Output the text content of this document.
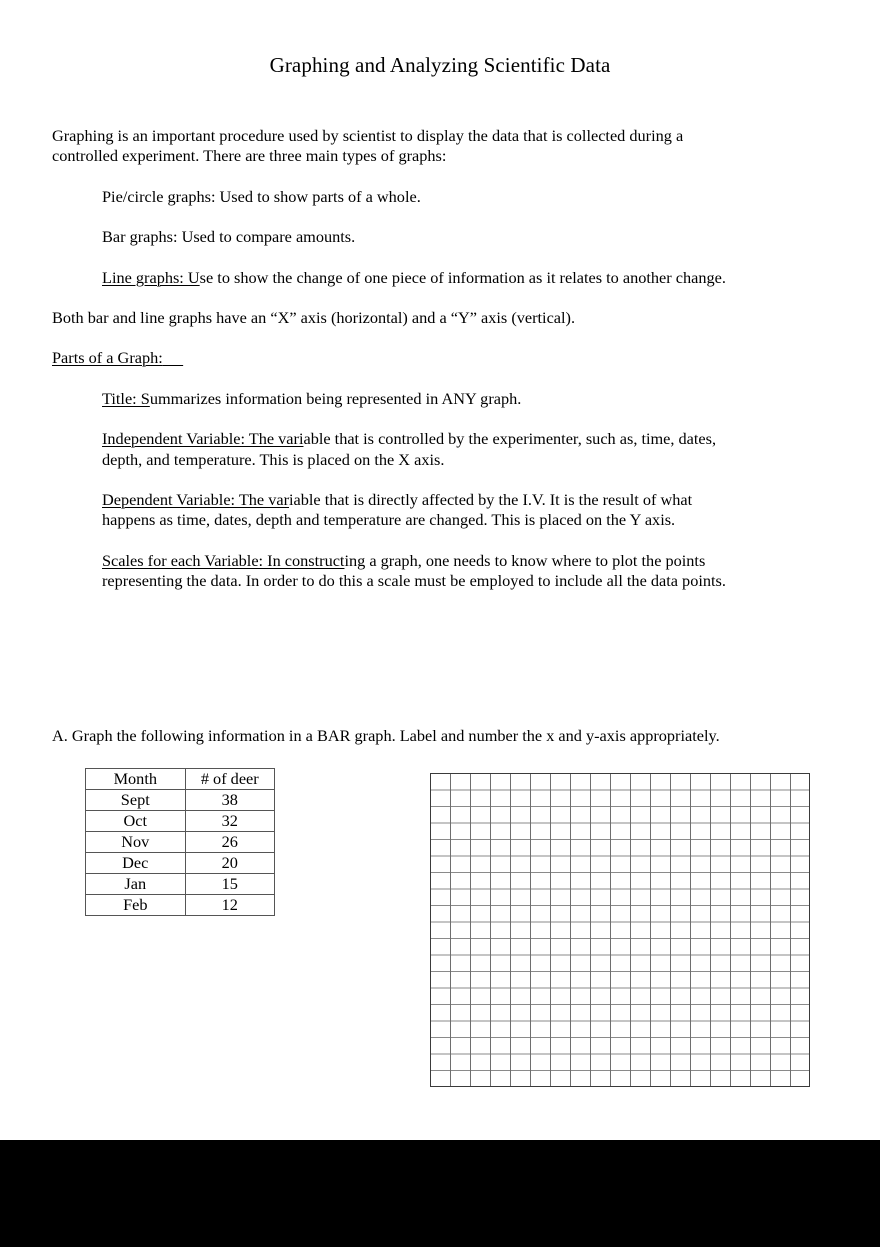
Graphing and Analyzing Scientific Data

Graphing is an important procedure used by scientist to display the data that is collected during a controlled experiment. There are three main types of graphs:

Pie/circle graphs: Used to show parts of a whole.

Bar graphs: Used to compare amounts.

Line graphs: Use to show the change of one piece of information as it relates to another change.

Both bar and line graphs have an “X” axis (horizontal) and a “Y” axis (vertical).

Parts of a Graph:

Title: Summarizes information being represented in ANY graph.

Independent Variable: The variable that is controlled by the experimenter, such as, time, dates,

depth, and temperature. This is placed on the X axis.

Dependent Variable: The variable that is directly affected by the I.V. It is the result of what

happens as time, dates, depth and temperature are changed. This is placed on the Y axis.

Scales for each Variable: In constructing a graph, one needs to know where to plot the points representing the data. In order to do this a scale must be employed to include all the data points.

A. Graph the following information in a BAR graph. Label and number the x and y-axis appropriately.

Month	# of deer
Sept	38
Oct	32
Nov	26
Dec	20
Jan	15
Feb	12
